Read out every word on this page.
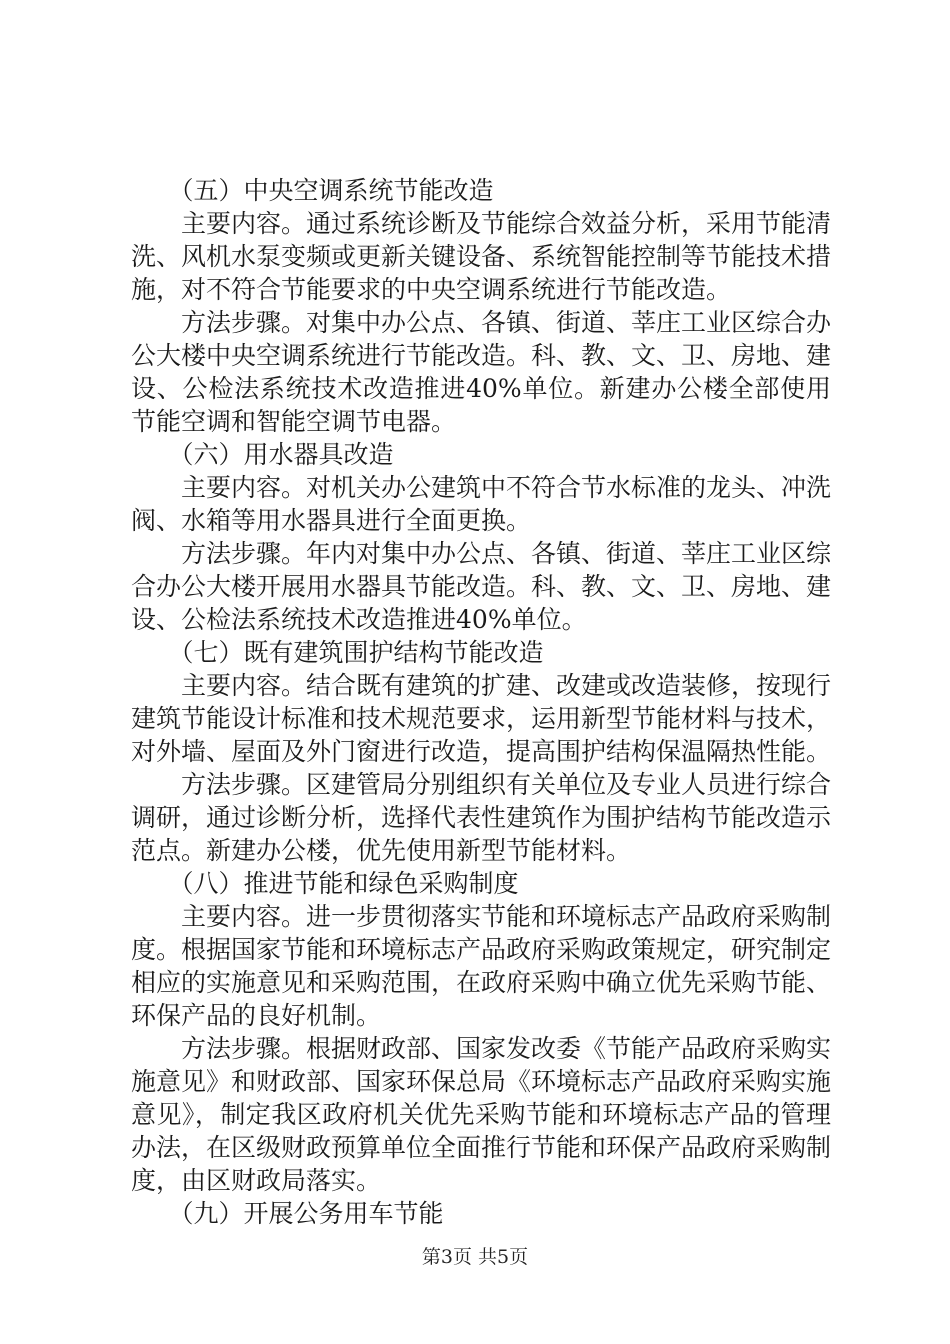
（五）中央空调系统节能改造

主要内容。通过系统诊断及节能综合效益分析，采用节能清洗、风机水泵变频或更新关键设备、系统智能控制等节能技术措施，对不符合节能要求的中央空调系统进行节能改造。

方法步骤。对集中办公点、各镇、街道、莘庄工业区综合办公大楼中央空调系统进行节能改造。科、教、文、卫、房地、建设、公检法系统技术改造推进40%单位。新建办公楼全部使用节能空调和智能空调节电器。

（六）用水器具改造

主要内容。对机关办公建筑中不符合节水标准的龙头、冲洗阀、水箱等用水器具进行全面更换。

方法步骤。年内对集中办公点、各镇、街道、莘庄工业区综合办公大楼开展用水器具节能改造。科、教、文、卫、房地、建设、公检法系统技术改造推进40%单位。

（七）既有建筑围护结构节能改造

主要内容。结合既有建筑的扩建、改建或改造装修，按现行建筑节能设计标准和技术规范要求，运用新型节能材料与技术，对外墙、屋面及外门窗进行改造，提高围护结构保温隔热性能。

方法步骤。区建管局分别组织有关单位及专业人员进行综合调研，通过诊断分析，选择代表性建筑作为围护结构节能改造示范点。新建办公楼，优先使用新型节能材料。

（八）推进节能和绿色采购制度

主要内容。进一步贯彻落实节能和环境标志产品政府采购制度。根据国家节能和环境标志产品政府采购政策规定，研究制定相应的实施意见和采购范围，在政府采购中确立优先采购节能、环保产品的良好机制。

方法步骤。根据财政部、国家发改委《节能产品政府采购实施意见》和财政部、国家环保总局《环境标志产品政府采购实施意见》，制定我区政府机关优先采购节能和环境标志产品的管理办法，在区级财政预算单位全面推行节能和环保产品政府采购制度，由区财政局落实。

（九）开展公务用车节能

第3页 共5页
